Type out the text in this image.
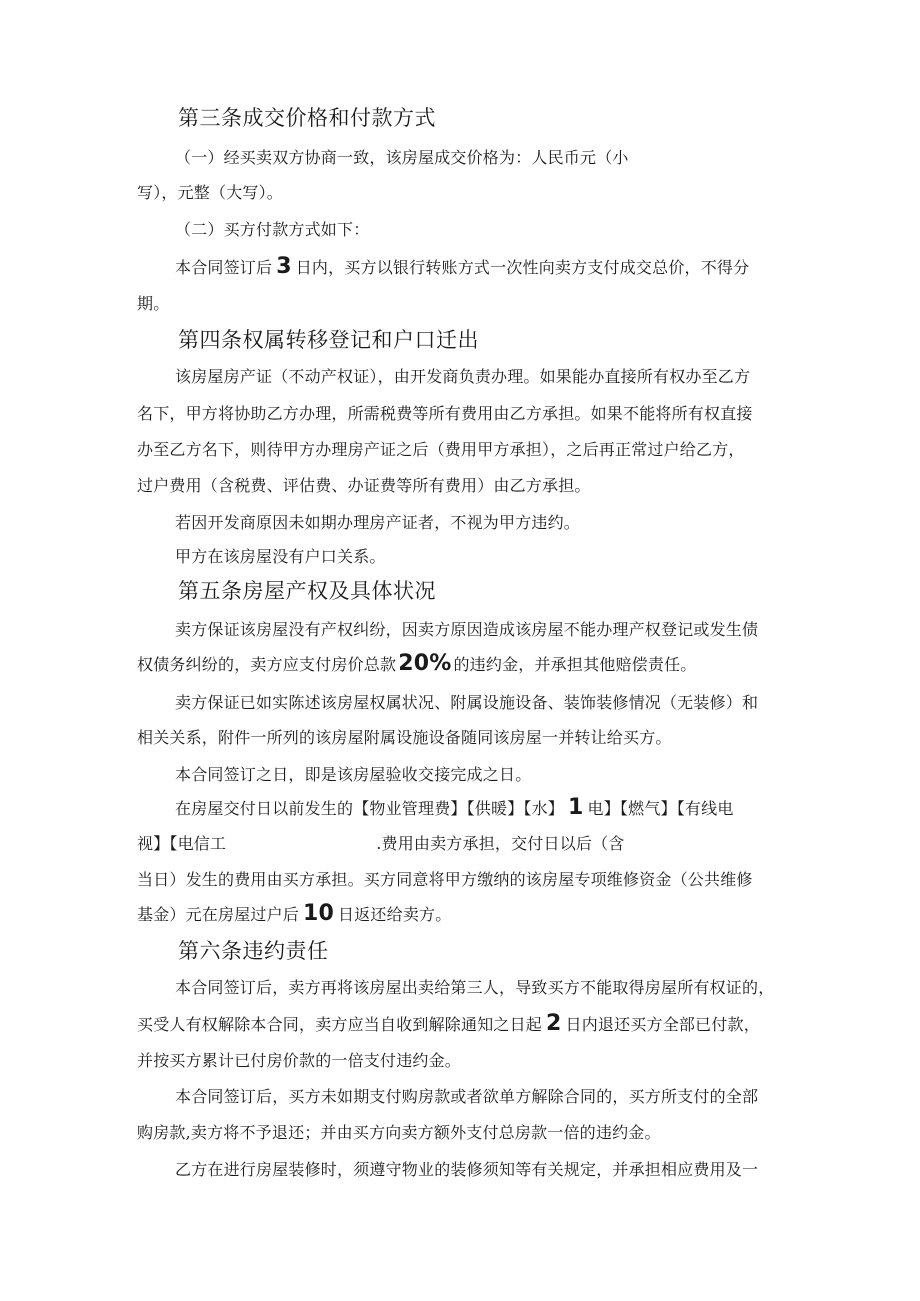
第三条成交价格和付款方式
（一）经买卖双方协商一致，该房屋成交价格为：人民币元（小
写），元整（大写）。
（二）买方付款方式如下：
本合同签订后 3 日内，买方以银行转账方式一次性向卖方支付成交总价，不得分
期。
第四条权属转移登记和户口迁出
该房屋房产证（不动产权证），由开发商负责办理。如果能办直接所有权办至乙方
名下，甲方将协助乙方办理，所需税费等所有费用由乙方承担。如果不能将所有权直接
办至乙方名下，则待甲方办理房产证之后（费用甲方承担），之后再正常过户给乙方，
过户费用（含税费、评估费、办证费等所有费用）由乙方承担。
若因开发商原因未如期办理房产证者，不视为甲方违约。
甲方在该房屋没有户口关系。
第五条房屋产权及具体状况
卖方保证该房屋没有产权纠纷，因卖方原因造成该房屋不能办理产权登记或发生债
权债务纠纷的，卖方应支付房价总款20% 的违约金，并承担其他赔偿责任。
卖方保证已如实陈述该房屋权属状况、附属设施设备、装饰装修情况（无装修）和
相关关系，附件一所列的该房屋附属设施设备随同该房屋一并转让给买方。
本合同签订之日，即是该房屋验收交接完成之日。
在房屋交付日以前发生的【物业管理费】【供暖】【水】 1 电】【燃气】【有线电
视】【电信工	.费用由卖方承担，交付日以后（含
当日）发生的费用由买方承担。买方同意将甲方缴纳的该房屋专项维修资金（公共维修
基金）元在房屋过户后 10 日返还给卖方。
第六条违约责任
本合同签订后，卖方再将该房屋出卖给第三人，导致买方不能取得房屋所有权证的，
买受人有权解除本合同，卖方应当自收到解除通知之日起 2 日内退还买方全部已付款，
并按买方累计已付房价款的一倍支付违约金。
本合同签订后，买方未如期支付购房款或者欲单方解除合同的，买方所支付的全部
购房款,卖方将不予退还；并由买方向卖方额外支付总房款一倍的违约金。
乙方在进行房屋装修时，须遵守物业的装修须知等有关规定，并承担相应费用及一
